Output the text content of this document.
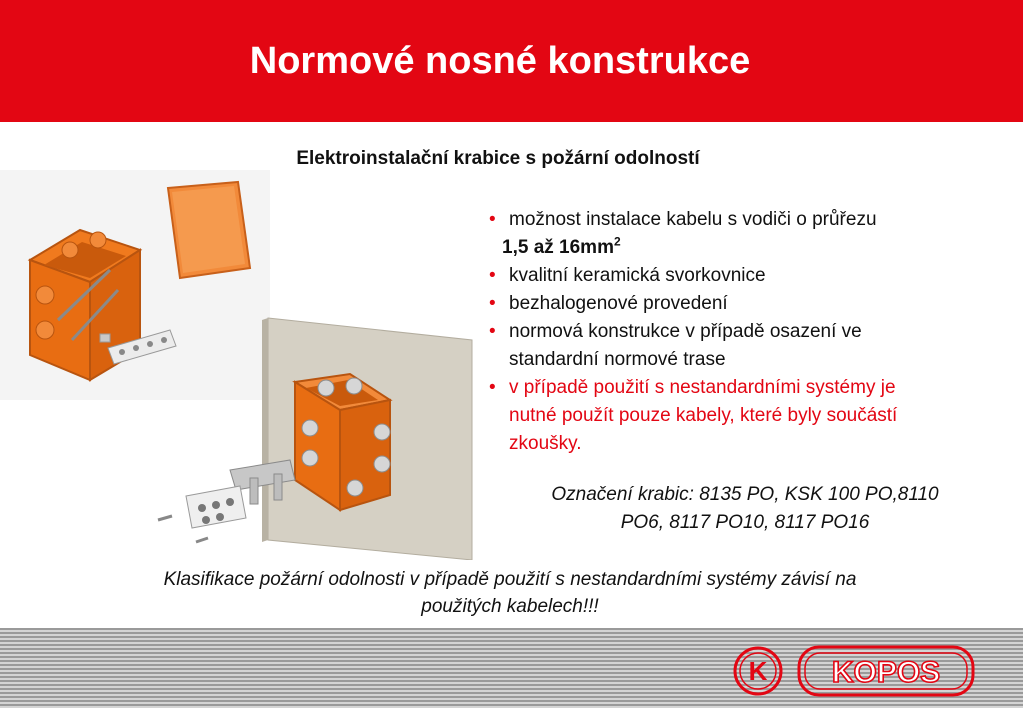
Normové nosné konstrukce
Elektroinstalační krabice s požární odolností
• možnost instalace kabelu s vodiči o průřezu
1,5 až $16mm^2$
• kvalitní keramická svorkovnice
• bezhalogenové provedení
• normová konstrukce v případě osazení ve
standardní normové trase
• v případě použití s nestandardními systémy je
nutné použít pouze kabely, které byly součástí
zkoušky.
Označení krabic: 8135 PO, KSK 100 PO,8110
PO6, 8117 PO10, 8117 PO16
Klasifikace požární odolnosti v případě použití s nestandardními systémy závisí na
použitých kabelech!!!
K KOPOS
